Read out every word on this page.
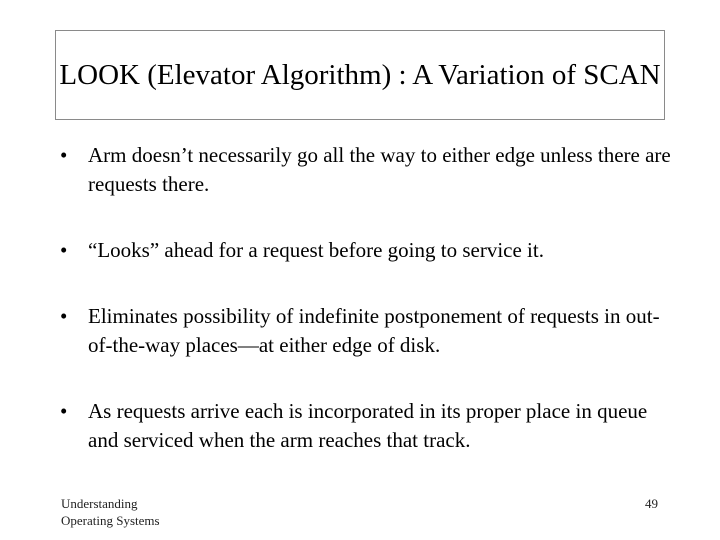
LOOK (Elevator Algorithm) : A Variation of SCAN
• Arm doesn’t necessarily go all the way to either edge unless there are requests there.
• “Looks” ahead for a request before going to service it.
• Eliminates possibility of indefinite postponement of requests in out-of-the-way places—at either edge of disk.
• As requests arrive each is incorporated in its proper place in queue and serviced when the arm reaches that track.
Understanding
Operating Systems
49
